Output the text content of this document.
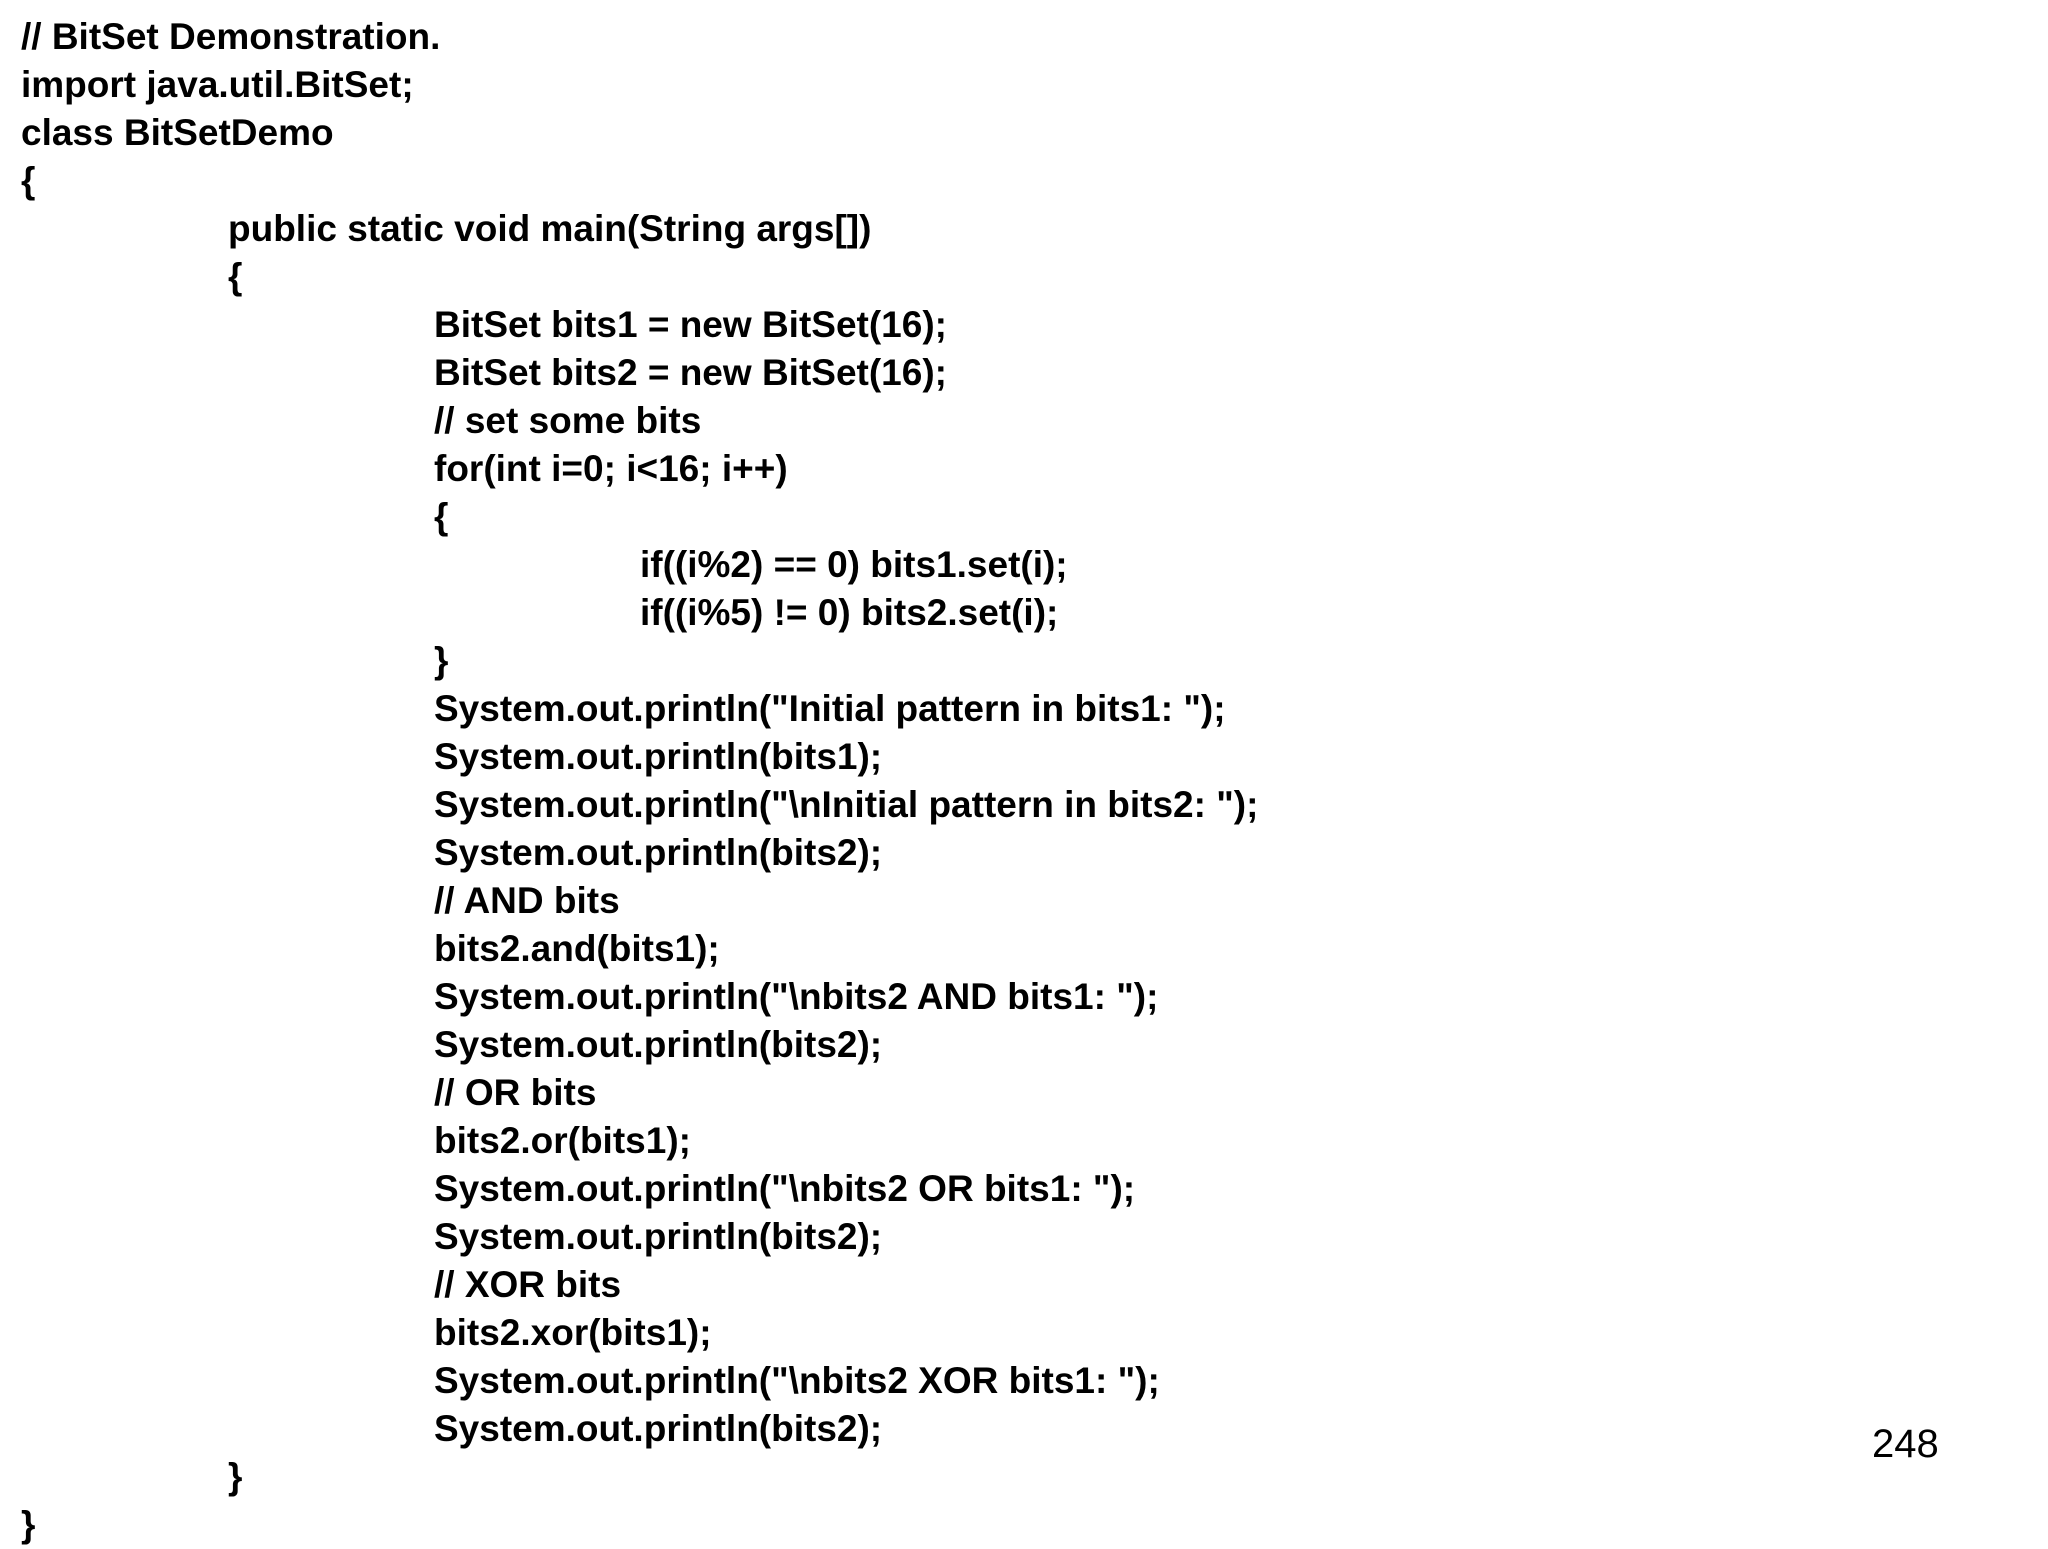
// BitSet Demonstration.
import java.util.BitSet;
class BitSetDemo
{
public static void main(String args[])
{
BitSet bits1 = new BitSet(16);
BitSet bits2 = new BitSet(16);
// set some bits
for(int i=0; i<16; i++)
{
if((i%2) == 0) bits1.set(i);
if((i%5) != 0) bits2.set(i);
}
System.out.println("Initial pattern in bits1: ");
System.out.println(bits1);
System.out.println("\nInitial pattern in bits2: ");
System.out.println(bits2);
// AND bits
bits2.and(bits1);
System.out.println("\nbits2 AND bits1: ");
System.out.println(bits2);
// OR bits
bits2.or(bits1);
System.out.println("\nbits2 OR bits1: ");
System.out.println(bits2);
// XOR bits
bits2.xor(bits1);
System.out.println("\nbits2 XOR bits1: ");
System.out.println(bits2);
}
}
248
